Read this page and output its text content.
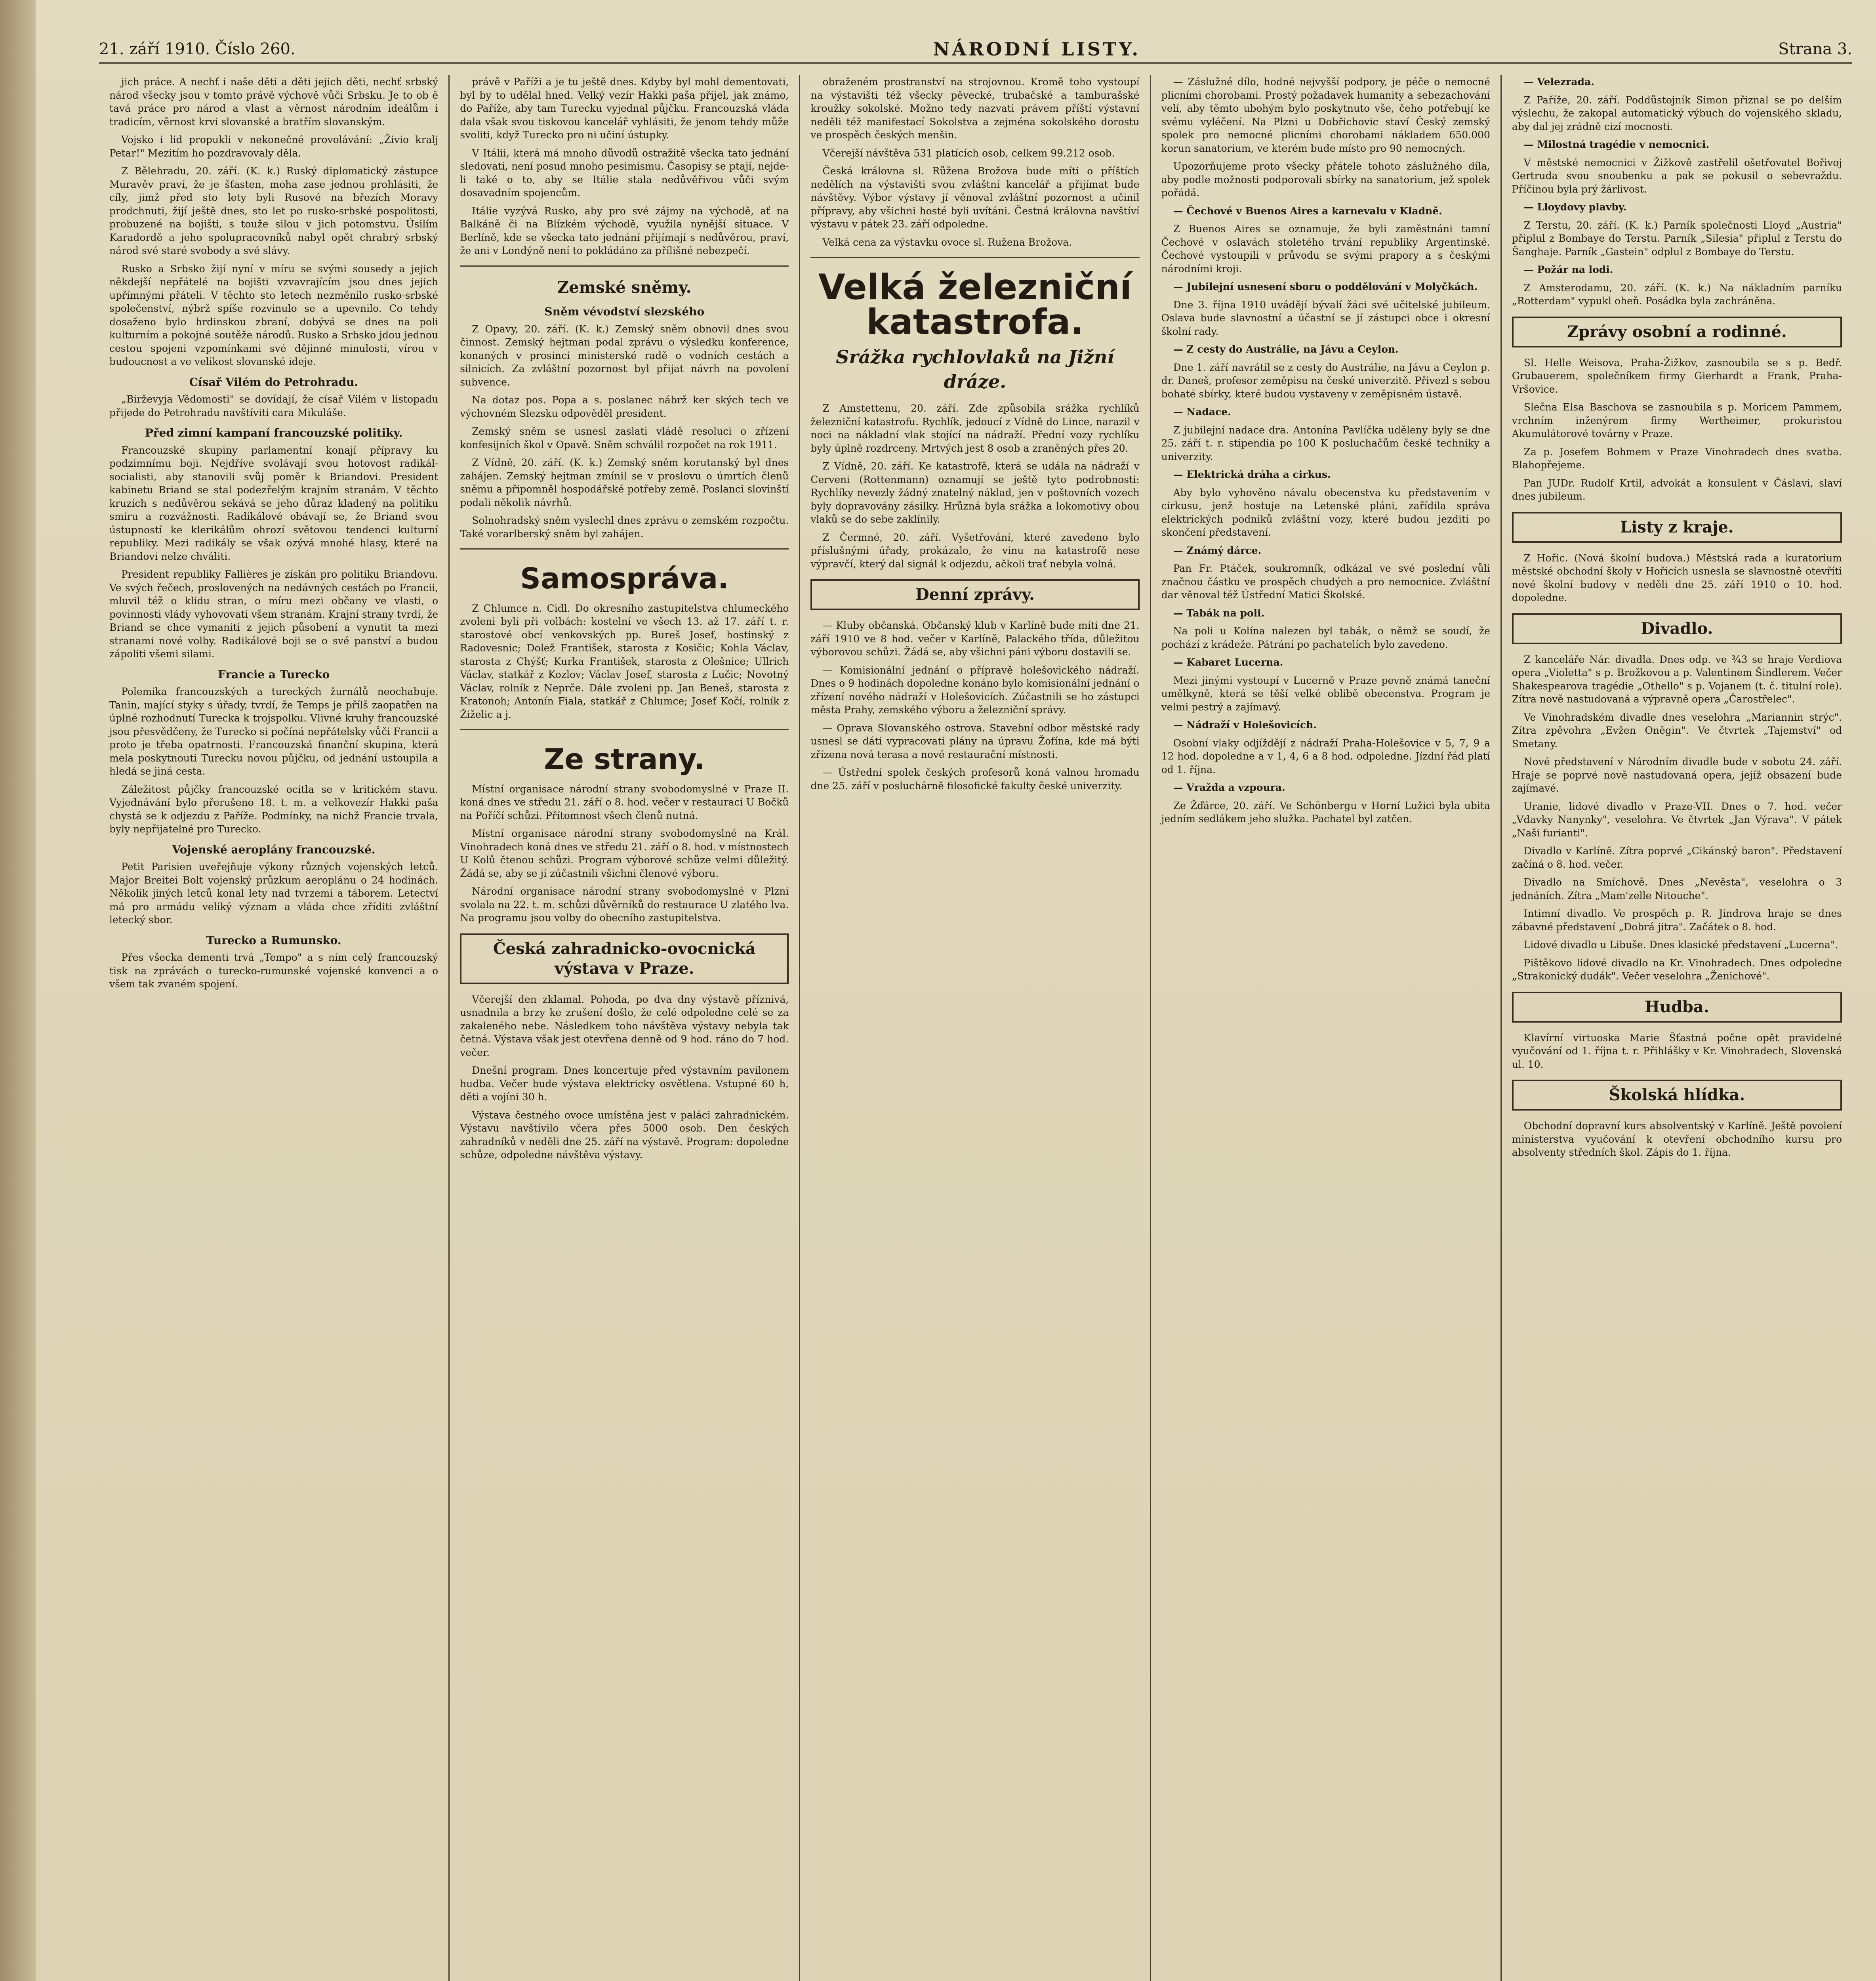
21. září 1910. Číslo 260.	NÁRODNÍ LISTY.	Strana 3.

jich práce. A nechť i naše děti a děti jejich děti, nechť srbský národ všecky jsou v tomto právě výchově vůči Srbsku. Je to ob ě tavá práce pro národ a vlast a věrnost národním ideálům i tradicím, věrnost krvi slovanské a bratřím slovanským.

Vojsko i lid propukli v nekonečné provolávání: „Živio kralj Petar!" Mezitím ho pozdravovaly děla.

Z Bělehradu, 20. září. (K. k.) Ruský diplomatický zástupce Muravěv praví, že je šťasten, moha zase jednou prohlásiti, že cíly, jimž před sto lety byli Rusové na březích Moravy prodchnuti, žijí ještě dnes, sto let po rusko-srbské pospolitosti, probuzené na bojišti, s touže silou v jich potomstvu. Úsilím Karadordě a jeho spolupracovníků nabyl opět chrabrý srbský národ své staré svobody a své slávy.

Rusko a Srbsko žijí nyní v míru se svými sousedy a jejich někdejší nepřátelé na bojišti vzvavrajícím jsou dnes jejich upřímnými přáteli. V těchto sto letech nezměnilo rusko-srbské společenství, nýbrž spíše rozvinulo se a upevnilo. Co tehdy dosaženo bylo hrdinskou zbraní, dobývá se dnes na poli kulturním a pokojné soutěže národů. Rusko a Srbsko jdou jednou cestou spojeni vzpomínkami své dějinné minulosti, vírou v budoucnost a ve velikost slovanské ideje.

Císař Vilém do Petrohradu.

„Birževyja Vědomosti" se dovídají, že císař Vilém v listopadu přijede do Petrohradu navštíviti cara Mikuláše.

Před zimní kampaní francouzské politiky.

Francouzské skupiny parlamentní konají přípravy ku podzimnímu boji. Nejdříve svolávají svou hotovost radikál-socialisti, aby stanovili svůj poměr k Briandovi. President kabinetu Briand se stal podezřelým krajním stranám. V těchto kruzích s nedůvěrou sekává se jeho důraz kladený na politiku smíru a rozvážnosti. Radikálové obávají se, že Briand svou ústupností ke klerikálům ohrozí světovou tendenci kulturní republiky. Mezi radikály se však ozývá mnohé hlasy, které na Briandovi nelze chváliti.

President republiky Fallières je získán pro politiku Briandovu. Ve svých řečech, proslovených na nedávných cestách po Francii, mluvil též o klidu stran, o míru mezi občany ve vlasti, o povinnosti vlády vyhovovati všem stranám. Krajní strany tvrdí, že Briand se chce vymaniti z jejich působení a vynutit ta mezi stranami nové volby. Radikálové boji se o své panství a budou zápoliti všemi silami.

Francie a Turecko

Polemika francouzských a tureckých žurnálů neochabuje. Tanin, mající styky s úřady, tvrdí, že Temps je přílš zaopatřen na úplné rozhodnutí Turecka k trojspolku. Vlivné kruhy francouzské jsou přesvědčeny, že Turecko si počíná nepřátelsky vůči Francii a proto je třeba opatrnosti. Francouzská finanční skupina, která mela poskytnouti Turecku novou půjčku, od jednání ustoupila a hledá se jiná cesta.

Záležitost půjčky francouzské ocitla se v kritickém stavu. Vyjednávání bylo přerušeno 18. t. m. a velkovezír Hakki paša chystá se k odjezdu z Paříže. Podmínky, na nichž Francie trvala, byly nepřijatelné pro Turecko.

Vojenské aeroplány francouzské.

Petit Parisien uveřejňuje výkony různých vojenských letců. Major Breitei Bolt vojenský průzkum aeroplánu o 24 hodinách. Několik jiných letců konal lety nad tvrzemi a táborem. Letectví má pro armádu veliký význam a vláda chce zříditi zvláštní letecký sbor.

Turecko a Rumunsko.

Přes všecka dementi trvá „Tempo" a s ním celý francouzský tisk na zprávách o turecko-rumunské vojenské konvenci a o všem tak zvaném spojení.

právě v Paříži a je tu ještě dnes. Kdyby byl mohl dementovati, byl by to udělal hned. Velký vezír Hakki paša přijel, jak známo, do Paříže, aby tam Turecku vyjednal půjčku. Francouzská vláda dala však svou tiskovou kancelář vyhlásiti, že jenom tehdy může svoliti, když Turecko pro ni učiní ústupky.

V Itálii, která má mnoho důvodů ostražitě všecka tato jednání sledovati, není posud mnoho pesimismu. Časopisy se ptají, nejde-li také o to, aby se Itálie stala nedůvěřivou vůči svým dosavadním spojencům.

Itálie vyzývá Rusko, aby pro své zájmy na východě, ať na Balkáně či na Blízkém východě, využila nynější situace. V Berlíně, kde se všecka tato jednání přijímají s nedůvěrou, praví, že ani v Londýně není to pokládáno za přílišné nebezpečí.

Zemské sněmy.
Sněm vévodství slezského

Z Opavy, 20. září. (K. k.) Zemský sněm obnovil dnes svou činnost. Zemský hejtman podal zprávu o výsledku konference, konaných v prosinci ministerské radě o vodních cestách a silnicích. Za zvláštní pozornost byl přijat návrh na povolení subvence.

Na dotaz pos. Popa a s. poslanec nábrž ker ských tech ve výchovném Slezsku odpověděl president.

Zemský sněm se usnesl zaslati vládě resoluci o zřízení konfesijních škol v Opavě. Sněm schválil rozpočet na rok 1911.

Z Vídně, 20. září. (K. k.) Zemský sněm korutanský byl dnes zahájen. Zemský hejtman zmínil se v proslovu o úmrtích členů sněmu a připomněl hospodářské potřeby země. Poslanci slovinští podali několik návrhů.

Solnohradský sněm vyslechl dnes zprávu o zemském rozpočtu. Také vorarlberský sněm byl zahájen.

Samospráva.

Z Chlumce n. Cidl. Do okresního zastupitelstva chlumeckého zvoleni byli při volbách: kostelní ve všech 13. až 17. září t. r. starostové obcí venkovských pp. Bureš Josef, hostinský z Radovesnic; Dolež František, starosta z Kosičic; Kohla Václav, starosta z Chýšť; Kurka František, starosta z Olešnice; Ullrich Václav, statkář z Kozlov; Václav Josef, starosta z Lučic; Novotný Václav, rolník z Neprče. Dále zvoleni pp. Jan Beneš, starosta z Kratonoh; Antonín Fiala, statkář z Chlumce; Josef Kočí, rolník z Žiželic a j.

Ze strany.

Místní organisace národní strany svobodomyslné v Praze II. koná dnes ve středu 21. září o 8. hod. večer v restauraci U Bočků na Poříčí schůzi. Přítomnost všech členů nutná.

Místní organisace národní strany svobodomyslné na Král. Vinohradech koná dnes ve středu 21. září o 8. hod. v místnostech U Kolů čtenou schůzi. Program výborové schůze velmi důležitý. Žádá se, aby se jí zúčastnili všichni členové výboru.

Národní organisace národní strany svobodomyslné v Plzni svolala na 22. t. m. schůzi důvěrníků do restaurace U zlatého lva. Na programu jsou volby do obecního zastupitelstva.

Česká zahradnicko-ovocnická výstava v Praze.

Včerejší den zklamal. Pohoda, po dva dny výstavě příznivá, usnadnila a brzy ke zrušení došlo, že celé odpoledne celé se za zakaleného nebe. Následkem toho návštěva výstavy nebyla tak četná. Výstava však jest otevřena denně od 9 hod. ráno do 7 hod. večer.

Dnešní program. Dnes koncertuje před výstavním pavilonem hudba. Večer bude výstava elektricky osvětlena. Vstupné 60 h, děti a vojíni 30 h.

Výstava čestného ovoce umístěna jest v paláci zahradnickém. Výstavu navštívilo včera přes 5000 osob. Den českých zahradníků v neděli dne 25. září na výstavě. Program: dopoledne schůze, odpoledne návštěva výstavy.

obraženém prostranství na strojovnou. Kromě toho vystoupí na výstavišti též všecky pěvecké, trubačské a tamburašské kroužky sokolské. Možno tedy nazvati právem příští výstavní neděli též manifestací Sokolstva a zejména sokolského dorostu ve prospěch českých menšin.

Včerejší návštěva 531 platících osob, celkem 99.212 osob.

Česká královna sl. Růžena Brožova bude míti o příštích nedělích na výstavišti svou zvláštní kancelář a přijímat bude návštěvy. Výbor výstavy jí věnoval zvláštní pozornost a učinil přípravy, aby všichni hosté byli uvítáni. Čestná královna navštíví výstavu v pátek 23. září odpoledne.

Velká cena za výstavku ovoce sl. Ružena Brožova.

Velká železniční katastrofa.
Srážka rychlovlaků na Jižní dráze.

Z Amstettenu, 20. září. Zde způsobila srážka rychlíků železniční katastrofu. Rychlík, jedoucí z Vídně do Lince, narazil v noci na nákladní vlak stojící na nádraží. Přední vozy rychlíku byly úplně rozdrceny. Mrtvých jest 8 osob a zraněných přes 20.

Z Vídně, 20. září. Ke katastrofě, která se udála na nádraží v Cerveni (Rottenmann) oznamují se ještě tyto podrobnosti: Rychlíky nevezly žádný znatelný náklad, jen v poštovních vozech byly dopravovány zásilky. Hrůzná byla srážka a lokomotivy obou vlaků se do sebe zaklínily.

Z Čermné, 20. září. Vyšetřování, které zavedeno bylo příslušnými úřady, prokázalo, že vinu na katastrofě nese výpravčí, který dal signál k odjezdu, ačkoli trať nebyla volná.

Denní zprávy.

— Kluby občanská. Občanský klub v Karlíně bude míti dne 21. září 1910 ve 8 hod. večer v Karlíně, Palackého třída, důležitou výborovou schůzi. Žádá se, aby všichni páni výboru dostavili se.

— Komisionální jednání o přípravě holešovického nádraží. Dnes o 9 hodinách dopoledne konáno bylo komisionální jednání o zřízení nového nádraží v Holešovicích. Zúčastnili se ho zástupci města Prahy, zemského výboru a železniční správy.

— Oprava Slovanského ostrova. Stavební odbor městské rady usnesl se dáti vypracovati plány na úpravu Žofína, kde má býti zřízena nová terasa a nové restaurační místnosti.

— Ústřední spolek českých profesorů koná valnou hromadu dne 25. září v posluchárně filosofické fakulty české univerzity.

— Záslužné dílo, hodné nejvyšší podpory, je péče o nemocné plicními chorobami. Prostý požadavek humanity a sebezachování velí, aby těmto ubohým bylo poskytnuto vše, čeho potřebují ke svému vyléčení. Na Plzni u Dobřichovic staví Český zemský spolek pro nemocné plicními chorobami nákladem 650.000 korun sanatorium, ve kterém bude místo pro 90 nemocných.

Upozorňujeme proto všecky přátele tohoto záslužného díla, aby podle možnosti podporovali sbírky na sanatorium, jež spolek pořádá.

— Čechové v Buenos Aires a karnevalu v Kladně.

Z Buenos Aires se oznamuje, že byli zaměstnáni tamní Čechové v oslavách stoletého trvání republiky Argentinské. Čechové vystoupili v průvodu se svými prapory a s českými národními kroji.

— Jubilejní usnesení sboru o poddělování v Molyčkách.

Dne 3. října 1910 uvádějí bývalí žáci své učitelské jubileum. Oslava bude slavnostní a účastní se jí zástupci obce i okresní školní rady.

— Z cesty do Austrálie, na Jávu a Ceylon.

Dne 1. září navrátil se z cesty do Austrálie, na Jávu a Ceylon p. dr. Daneš, profesor zeměpisu na české univerzitě. Přivezl s sebou bohaté sbírky, které budou vystaveny v zeměpisném ústavě.

— Nadace.

Z jubilejní nadace dra. Antonína Pavlíčka uděleny byly se dne 25. září t. r. stipendia po 100 K posluchačům české techniky a univerzity.

— Elektrická dráha a cirkus.

Aby bylo vyhověno návalu obecenstva ku představením v cirkusu, jenž hostuje na Letenské pláni, zařídila správa elektrických podniků zvláštní vozy, které budou jezditi po skončení představení.

— Známý dárce.

Pan Fr. Ptáček, soukromník, odkázal ve své poslední vůli značnou částku ve prospěch chudých a pro nemocnice. Zvláštní dar věnoval též Ústřední Matici Školské.

— Tabák na poli.

Na poli u Kolína nalezen byl tabák, o němž se soudí, že pochází z krádeže. Pátrání po pachatelích bylo zavedeno.

— Kabaret Lucerna.

Mezi jinými vystoupí v Lucerně v Praze pevně známá taneční umělkyně, která se těší velké oblibě obecenstva. Program je velmi pestrý a zajímavý.

— Nádraží v Holešovicích.

Osobní vlaky odjíždějí z nádraží Praha-Holešovice v 5, 7, 9 a 12 hod. dopoledne a v 1, 4, 6 a 8 hod. odpoledne. Jízdní řád platí od 1. října.

— Vražda a vzpoura.

Ze Žďárce, 20. září. Ve Schönbergu v Horní Lužici byla ubita jedním sedlákem jeho služka. Pachatel byl zatčen.

— Velezrada.

Z Paříže, 20. září. Poddůstojník Simon přiznal se po delším výslechu, že zakopal automatický výbuch do vojenského skladu, aby dal jej zrádně cizí mocnosti.

— Milostná tragédie v nemocnici.

V městské nemocnici v Žižkově zastřelil ošetřovatel Bořivoj Gertruda svou snoubenku a pak se pokusil o sebevraždu. Příčinou byla prý žárlivost.

— Lloydovy plavby.

Z Terstu, 20. září. (K. k.) Parník společnosti Lloyd „Austria" připlul z Bombaye do Terstu. Parník „Silesia" připlul z Terstu do Šanghaje. Parník „Gastein" odplul z Bombaye do Terstu.

— Požár na lodi.

Z Amsterodamu, 20. září. (K. k.) Na nákladním parníku „Rotterdam" vypukl oheň. Posádka byla zachráněna.

Zprávy osobní a rodinné.

Sl. Helle Weisova, Praha-Žižkov, zasnoubila se s p. Bedř. Grubauerem, společníkem firmy Gierhardt a Frank, Praha-Vršovice.

Slečna Elsa Baschova se zasnoubila s p. Moricem Pammem, vrchním inženýrem firmy Wertheimer, prokuristou Akumulátorové továrny v Praze.

Za p. Josefem Bohmem v Praze Vinohradech dnes svatba. Blahopřejeme.

Pan JUDr. Rudolf Krtil, advokát a konsulent v Čáslavi, slaví dnes jubileum.

Listy z kraje.

Z Hořic. (Nová školní budova.) Městská rada a kuratorium městské obchodní školy v Hořicích usnesla se slavnostně otevříti nové školní budovy v neděli dne 25. září 1910 o 10. hod. dopoledne.

Divadlo.

Z kanceláře Nár. divadla. Dnes odp. ve ¾3 se hraje Verdiova opera „Violetta" s p. Brožkovou a p. Valentinem Šindlerem. Večer Shakespearova tragédie „Othello" s p. Vojanem (t. č. titulní role). Zítra nově nastudovaná a výpravně opera „Čarostřelec".

Ve Vinohradském divadle dnes veselohra „Mariannin strýc". Zítra zpěvohra „Evžen Oněgin". Ve čtvrtek „Tajemství" od Smetany.

Nové představení v Národním divadle bude v sobotu 24. září. Hraje se poprvé nově nastudovaná opera, jejíž obsazení bude zajímavé.

Uranie, lidové divadlo v Praze-VII. Dnes o 7. hod. večer „Vdavky Nanynky", veselohra. Ve čtvrtek „Jan Výrava". V pátek „Naši furianti".

Divadlo v Karlíně. Zítra poprvé „Cikánský baron". Představení začíná o 8. hod. večer.

Divadlo na Smíchově. Dnes „Nevěsta", veselohra o 3 jednáních. Zítra „Mam'zelle Nitouche".

Intimní divadlo. Ve prospěch p. R. Jindrova hraje se dnes zábavné představení „Dobrá jitra". Začátek o 8. hod.

Lidové divadlo u Libuše. Dnes klasické představení „Lucerna".

Pištěkovo lidové divadlo na Kr. Vinohradech. Dnes odpoledne „Strakonický dudák". Večer veselohra „Ženichové".

Hudba.

Klavírní virtuoska Marie Šťastná počne opět pravidelné vyučování od 1. října t. r. Přihlášky v Kr. Vinohradech, Slovenská ul. 10.

Školská hlídka.

Obchodní dopravní kurs absolventský v Karlíně. Ještě povolení ministerstva vyučování k otevření obchodního kursu pro absolventy středních škol. Zápis do 1. října.
